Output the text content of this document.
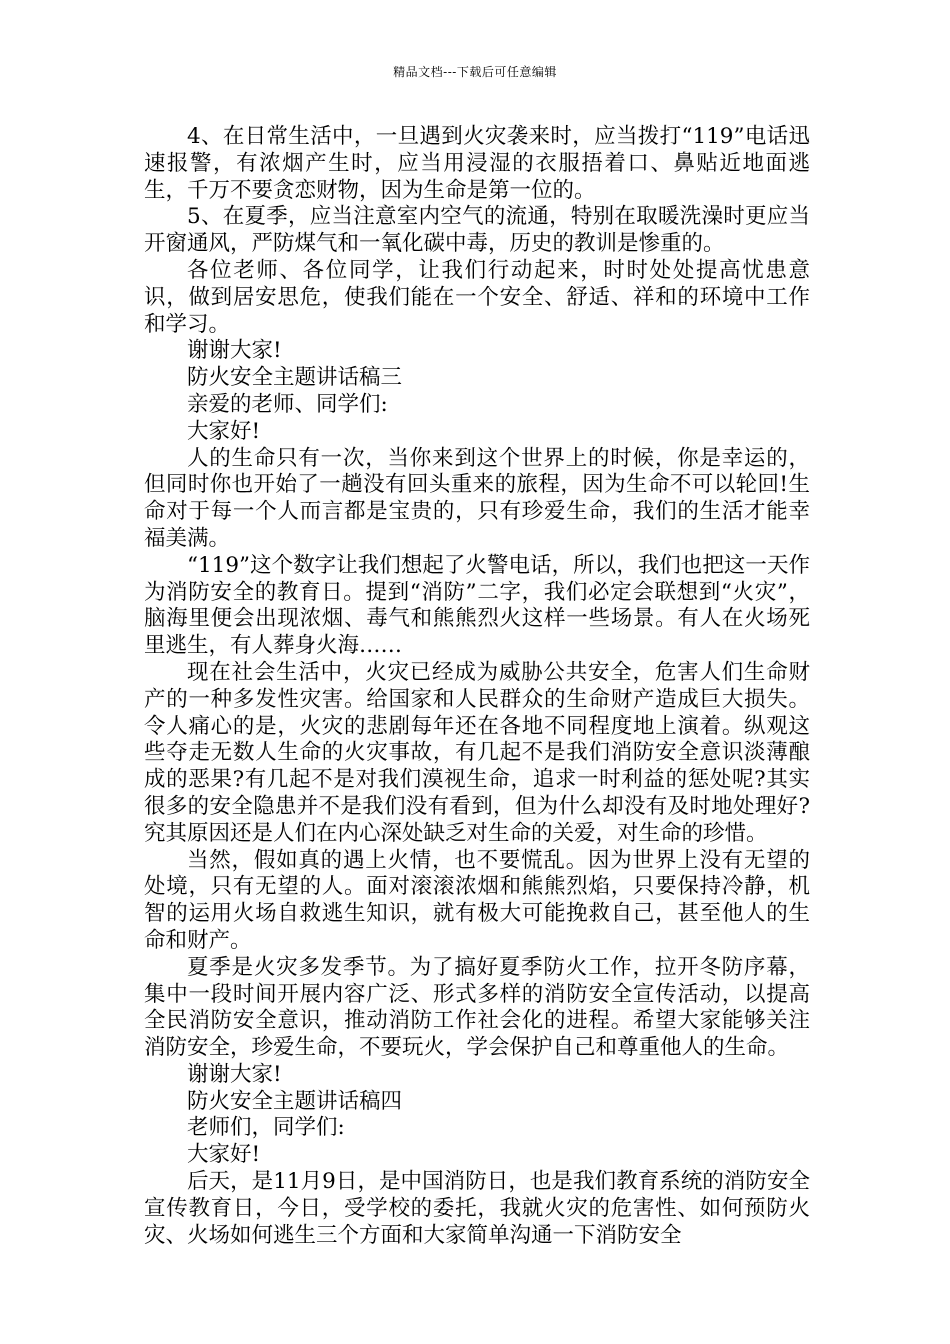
精品文档---下载后可任意编辑

4、在日常生活中，一旦遇到火灾袭来时，应当拨打“119”电话迅速报警，有浓烟产生时，应当用浸湿的衣服捂着口、鼻贴近地面逃生，千万不要贪恋财物，因为生命是第一位的。

5、在夏季，应当注意室内空气的流通，特别在取暖洗澡时更应当开窗通风，严防煤气和一氧化碳中毒，历史的教训是惨重的。

各位老师、各位同学，让我们行动起来，时时处处提高忧患意识，做到居安思危，使我们能在一个安全、舒适、祥和的环境中工作和学习。

谢谢大家!

防火安全主题讲话稿三

亲爱的老师、同学们:

大家好!

人的生命只有一次，当你来到这个世界上的时候，你是幸运的，但同时你也开始了一趟没有回头重来的旅程，因为生命不可以轮回!生命对于每一个人而言都是宝贵的，只有珍爱生命，我们的生活才能幸福美满。

“119”这个数字让我们想起了火警电话，所以，我们也把这一天作为消防安全的教育日。提到“消防”二字，我们必定会联想到“火灾”，脑海里便会出现浓烟、毒气和熊熊烈火这样一些场景。有人在火场死里逃生，有人葬身火海……

现在社会生活中，火灾已经成为威胁公共安全，危害人们生命财产的一种多发性灾害。给国家和人民群众的生命财产造成巨大损失。令人痛心的是，火灾的悲剧每年还在各地不同程度地上演着。纵观这些夺走无数人生命的火灾事故，有几起不是我们消防安全意识淡薄酿成的恶果?有几起不是对我们漠视生命，追求一时利益的惩处呢?其实很多的安全隐患并不是我们没有看到，但为什么却没有及时地处理好?究其原因还是人们在内心深处缺乏对生命的关爱，对生命的珍惜。

当然，假如真的遇上火情，也不要慌乱。因为世界上没有无望的处境，只有无望的人。面对滚滚浓烟和熊熊烈焰，只要保持冷静，机智的运用火场自救逃生知识，就有极大可能挽救自己，甚至他人的生命和财产。

夏季是火灾多发季节。为了搞好夏季防火工作，拉开冬防序幕，集中一段时间开展内容广泛、形式多样的消防安全宣传活动，以提高全民消防安全意识，推动消防工作社会化的进程。希望大家能够关注消防安全，珍爱生命，不要玩火，学会保护自己和尊重他人的生命。

谢谢大家!

防火安全主题讲话稿四

老师们，同学们:

大家好!

后天，是11月9日，是中国消防日，也是我们教育系统的消防安全宣传教育日，今日，受学校的委托，我就火灾的危害性、如何预防火灾、火场如何逃生三个方面和大家简单沟通一下消防安全
